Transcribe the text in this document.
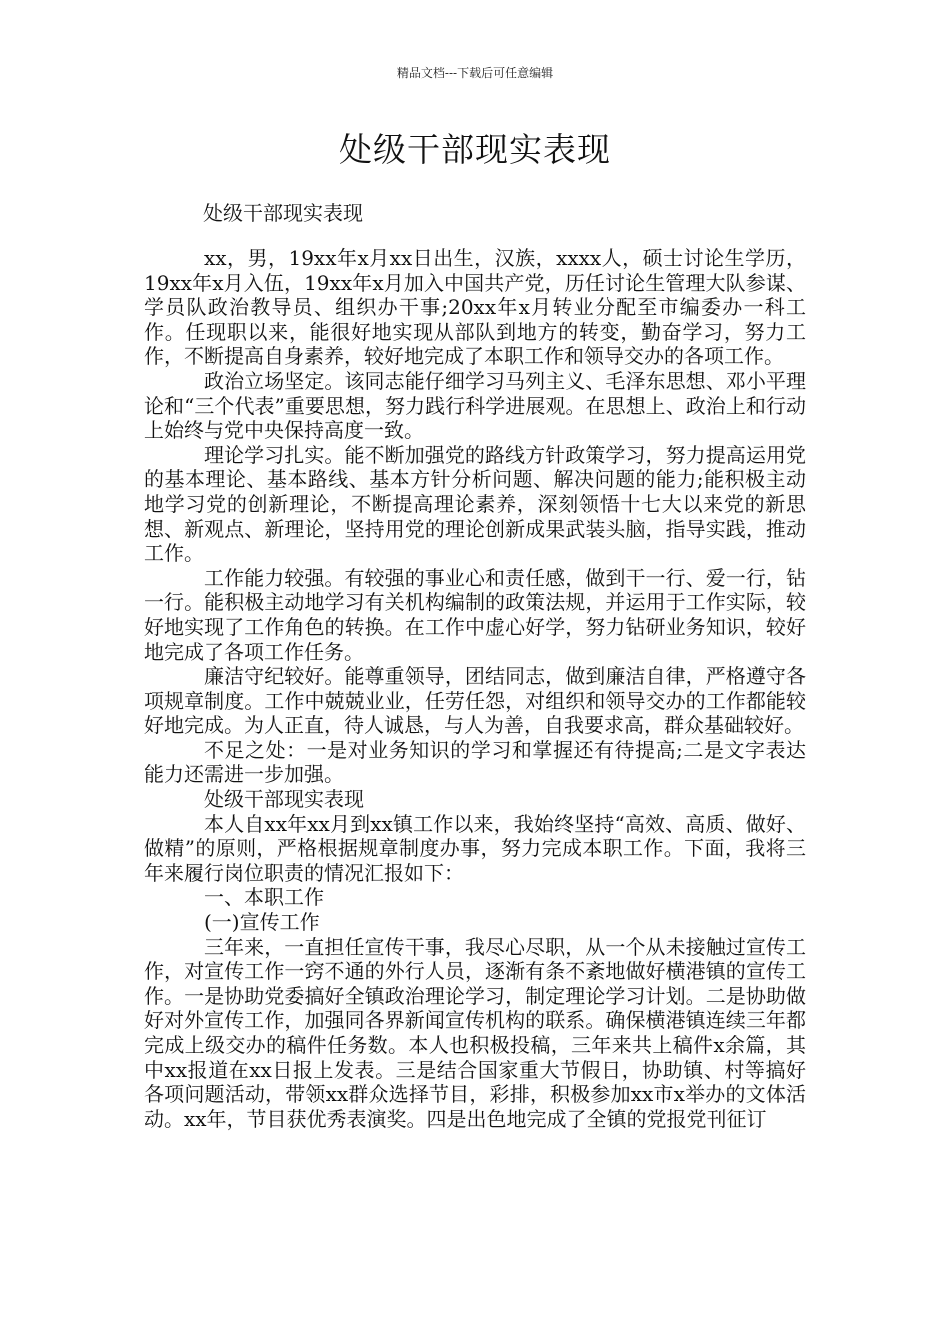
精品文档---下载后可任意编辑
处级干部现实表现
处级干部现实表现

xx，男，19xx年x月xx日出生，汉族，xxxx人，硕士讨论生学历，19xx年x月入伍，19xx年x月加入中国共产党，历任讨论生管理大队参谋、学员队政治教导员、组织办干事;20xx年x月转业分配至市编委办一科工作。任现职以来，能很好地实现从部队到地方的转变，勤奋学习，努力工作，不断提高自身素养，较好地完成了本职工作和领导交办的各项工作。

政治立场坚定。该同志能仔细学习马列主义、毛泽东思想、邓小平理论和“三个代表”重要思想，努力践行科学进展观。在思想上、政治上和行动上始终与党中央保持高度一致。

理论学习扎实。能不断加强党的路线方针政策学习，努力提高运用党的基本理论、基本路线、基本方针分析问题、解决问题的能力;能积极主动地学习党的创新理论，不断提高理论素养，深刻领悟十七大以来党的新思想、新观点、新理论，坚持用党的理论创新成果武装头脑，指导实践，推动工作。

工作能力较强。有较强的事业心和责任感，做到干一行、爱一行，钻一行。能积极主动地学习有关机构编制的政策法规，并运用于工作实际，较好地实现了工作角色的转换。在工作中虚心好学，努力钻研业务知识，较好地完成了各项工作任务。

廉洁守纪较好。能尊重领导，团结同志，做到廉洁自律，严格遵守各项规章制度。工作中兢兢业业，任劳任怨，对组织和领导交办的工作都能较好地完成。为人正直，待人诚恳，与人为善，自我要求高，群众基础较好。

不足之处：一是对业务知识的学习和掌握还有待提高;二是文字表达能力还需进一步加强。

处级干部现实表现

本人自xx年xx月到xx镇工作以来，我始终坚持“高效、高质、做好、做精”的原则，严格根据规章制度办事，努力完成本职工作。下面，我将三年来履行岗位职责的情况汇报如下：

一、本职工作

(一)宣传工作

三年来，一直担任宣传干事，我尽心尽职，从一个从未接触过宣传工作，对宣传工作一窍不通的外行人员，逐渐有条不紊地做好横港镇的宣传工作。一是协助党委搞好全镇政治理论学习，制定理论学习计划。二是协助做好对外宣传工作，加强同各界新闻宣传机构的联系。确保横港镇连续三年都完成上级交办的稿件任务数。本人也积极投稿，三年来共上稿件x余篇，其中xx报道在xx日报上发表。三是结合国家重大节假日，协助镇、村等搞好各项问题活动，带领xx群众选择节目，彩排，积极参加xx市x举办的文体活动。xx年，节目获优秀表演奖。四是出色地完成了全镇的党报党刊征订
